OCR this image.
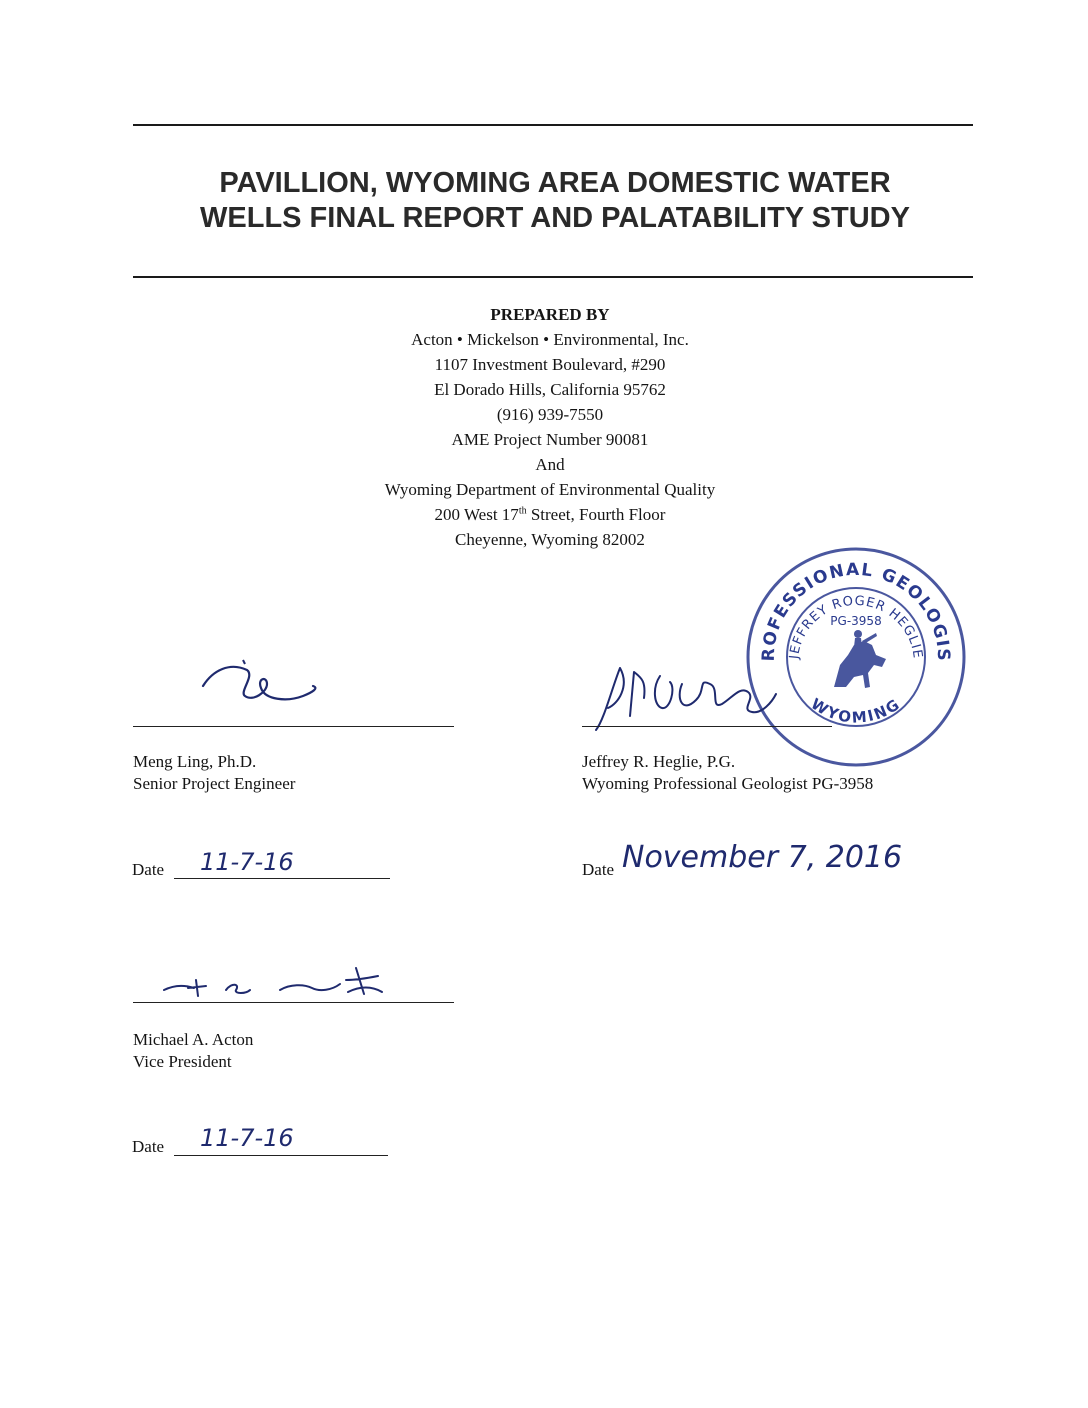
PAVILLION, WYOMING AREA DOMESTIC WATER
WELLS FINAL REPORT AND PALATABILITY STUDY
PREPARED BY
Acton • Mickelson • Environmental, Inc.
1107 Investment Boulevard, #290
El Dorado Hills, California 95762
(916) 939-7550
AME Project Number 90081
And
Wyoming Department of Environmental Quality
200 West 17th Street, Fourth Floor
Cheyenne, Wyoming 82002	PROFESSIONAL GEOLOGIST
JEFFREY ROGER HEGLIE
PG-3958
WYOMING
Meng Ling, Ph.D.
Senior Project Engineer
Date 11-7-16
Jeffrey R. Heglie, P.G.
Wyoming Professional Geologist PG-3958
Date November 7, 2016
Michael A. Acton
Vice President
Date 11-7-16
